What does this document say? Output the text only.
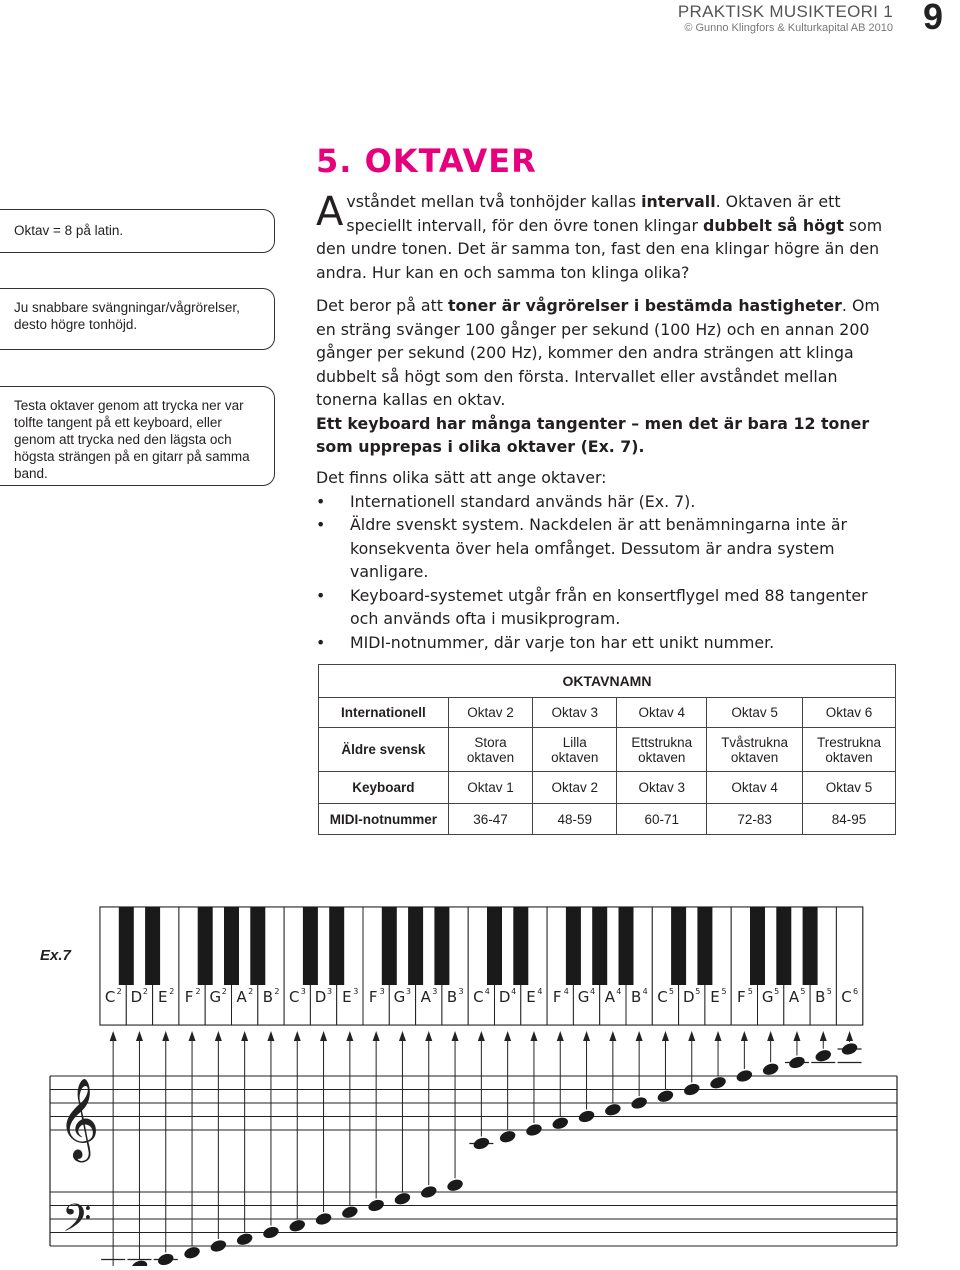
PRAKTISK MUSIKTEORI 1
© Gunno Klingfors & Kulturkapital AB 2010 9
Oktav = 8 på latin.
Ju snabbare svängningar/vågrörelser, desto högre tonhöjd.
Testa oktaver genom att trycka ner var tolfte tangent på ett keyboard, eller genom att trycka ned den lägsta och högsta strängen på en gitarr på samma band.
5. OKTAVER

Avståndet mellan två tonhöjder kallas intervall. Oktaven är ett speciellt intervall, för den övre tonen klingar dubbelt så högt som den undre tonen. Det är samma ton, fast den ena klingar högre än den andra. Hur kan en och samma ton klinga olika?

Det beror på att toner är vågrörelser i bestämda hastigheter. Om en sträng svänger 100 gånger per sekund (100 Hz) och en annan 200 gånger per sekund (200 Hz), kommer den andra strängen att klinga dubbelt så högt som den första. Intervallet eller avståndet mellan tonerna kallas en oktav.

Ett keyboard har många tangenter – men det är bara 12 toner som upprepas i olika oktaver (Ex. 7).

Det finns olika sätt att ange oktaver:

• Internationell standard används här (Ex. 7).
• Äldre svenskt system. Nackdelen är att benämningarna inte är konsekventa över hela omfånget. Dessutom är andra system vanligare.
• Keyboard-systemet utgår från en konsertflygel med 88 tangenter och används ofta i musikprogram.
• MIDI-notnummer, där varje ton har ett unikt nummer.
OKTAVNAMN					
Internationell	Oktav 2	Oktav 3	Oktav 4	Oktav 5	Oktav 6
Äldre svensk	Stora oktaven	Lilla oktaven	Ettstrukna oktaven	Tvåstrukna oktaven	Trestrukna oktaven
Keyboard	Oktav 1	Oktav 2	Oktav 3	Oktav 4	Oktav 5
MIDI-notnummer	36-47	48-59	60-71	72-83	84-95
Ex.7
C 2 D 2 E 2 F 2 G 2 A 2 B 2 C 3 D 3 E 3 F 3 G 3 A 3 B 3 C 4 D 4 E 4 F 4 G 4 A 4 B 4 C 5 D 5 E 5 F 5 G 5 A 5 B 5 C 6
𝄞
𝄢
